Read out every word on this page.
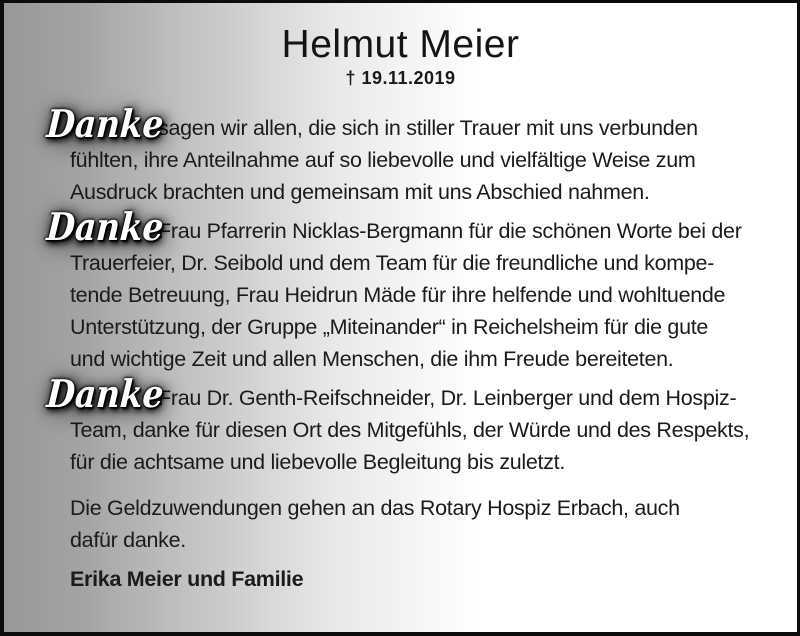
Helmut Meier
† 19.11.2019
Danke
sagen wir allen, die sich in stiller Trauer mit uns verbunden
fühlten, ihre Anteilnahme auf so liebevolle und vielfältige Weise zum
Ausdruck brachten und gemeinsam mit uns Abschied nahmen.
Danke
Frau Pfarrerin Nicklas-Bergmann für die schönen Worte bei der
Trauerfeier, Dr. Seibold und dem Team für die freundliche und kompe-
tende Betreuung, Frau Heidrun Mäde für ihre helfende und wohltuende
Unterstützung, der Gruppe „Miteinander“ in Reichelsheim für die gute
und wichtige Zeit und allen Menschen, die ihm Freude bereiteten.
Danke
Frau Dr. Genth-Reifschneider, Dr. Leinberger und dem Hospiz-
Team, danke für diesen Ort des Mitgefühls, der Würde und des Respekts,
für die achtsame und liebevolle Begleitung bis zuletzt.
Die Geldzuwendungen gehen an das Rotary Hospiz Erbach, auch
dafür danke.
Erika Meier und Familie
